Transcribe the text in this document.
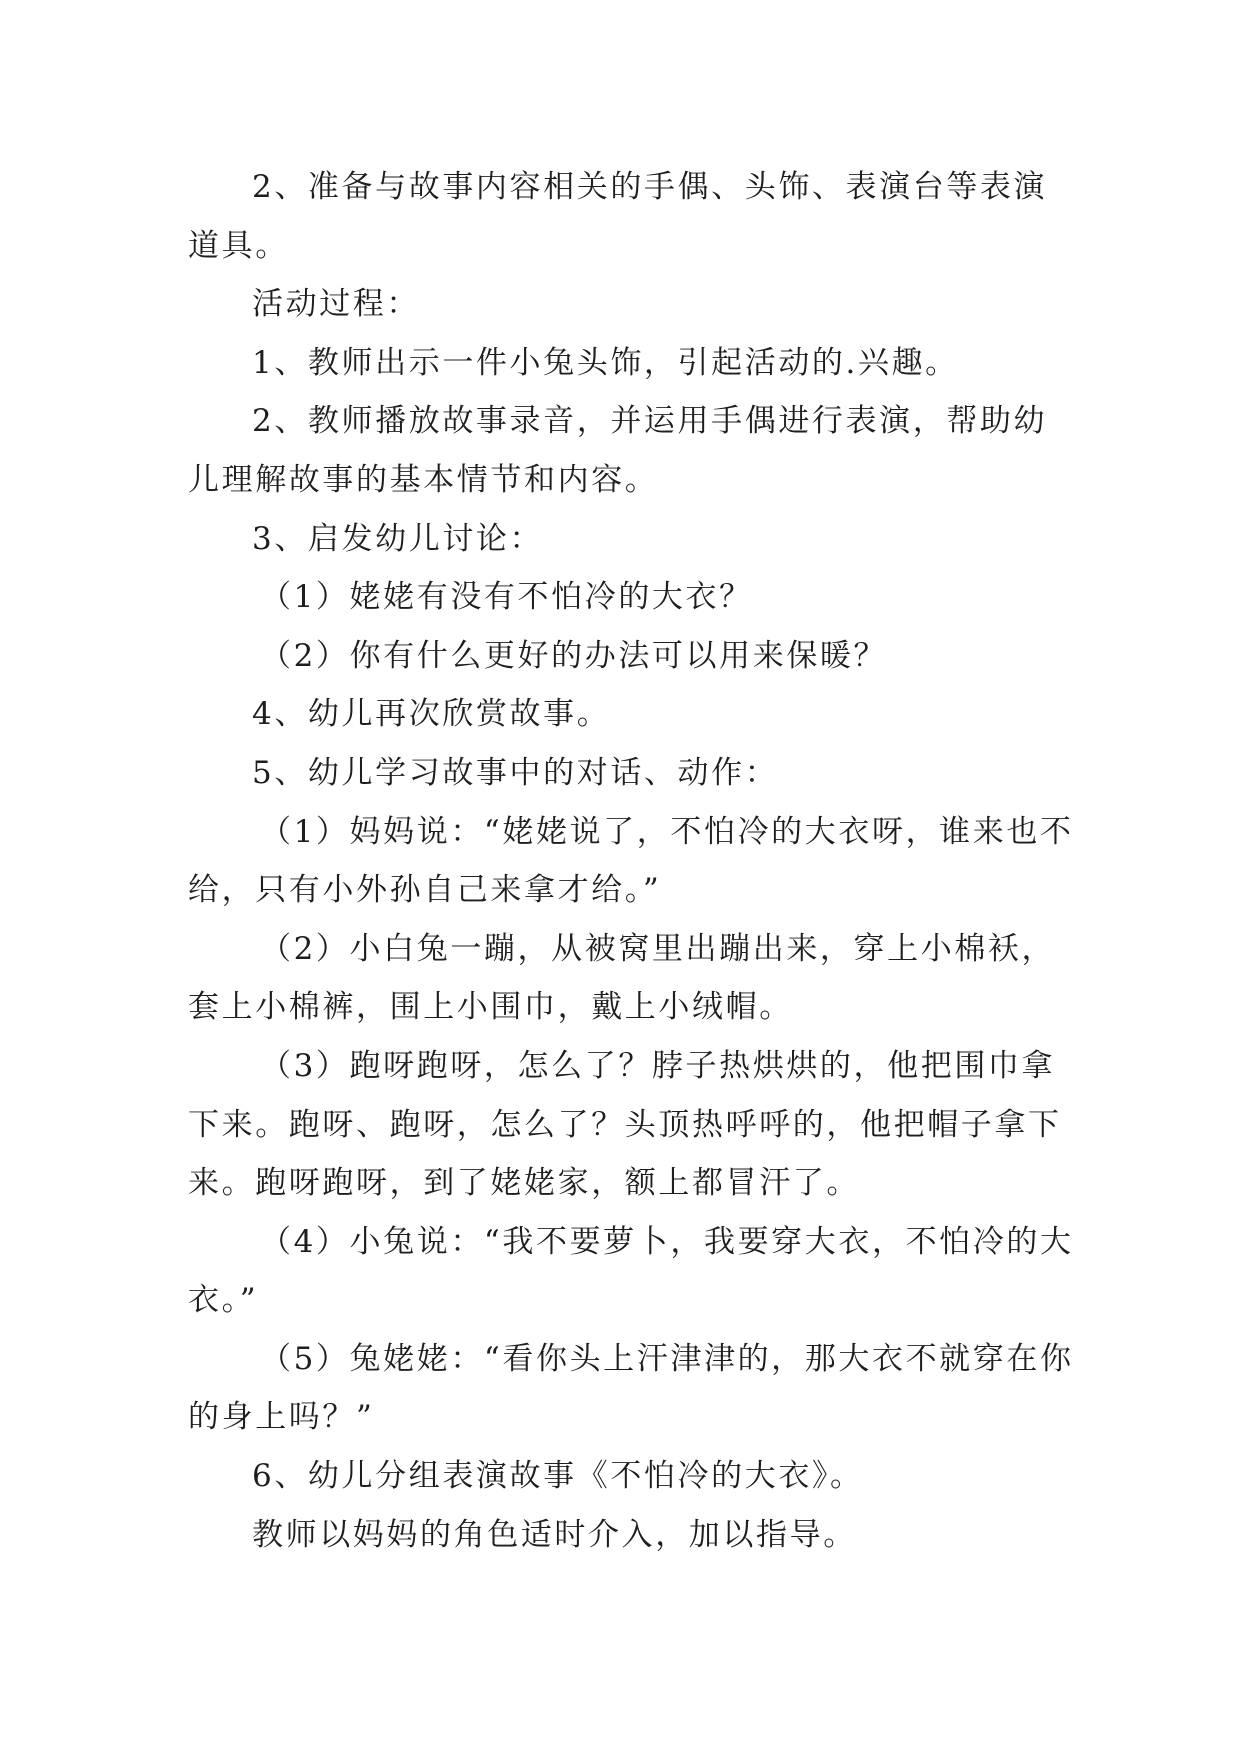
2、准备与故事内容相关的手偶、头饰、表演台等表演
道具。
活动过程：
1、教师出示一件小兔头饰，引起活动的.兴趣。
2、教师播放故事录音，并运用手偶进行表演，帮助幼
儿理解故事的基本情节和内容。
3、启发幼儿讨论：
（1）姥姥有没有不怕冷的大衣？
（2）你有什么更好的办法可以用来保暖？
4、幼儿再次欣赏故事。
5、幼儿学习故事中的对话、动作：
（1）妈妈说：“姥姥说了，不怕冷的大衣呀，谁来也不
给，只有小外孙自己来拿才给。”
（2）小白兔一蹦，从被窝里出蹦出来，穿上小棉袄，
套上小棉裤，围上小围巾，戴上小绒帽。
（3）跑呀跑呀，怎么了？脖子热烘烘的，他把围巾拿
下来。跑呀、跑呀，怎么了？头顶热呼呼的，他把帽子拿下
来。跑呀跑呀，到了姥姥家，额上都冒汗了。
（4）小兔说：“我不要萝卜，我要穿大衣，不怕冷的大
衣。”
（5）兔姥姥：“看你头上汗津津的，那大衣不就穿在你
的身上吗？”
6、幼儿分组表演故事《不怕冷的大衣》。
教师以妈妈的角色适时介入，加以指导。
